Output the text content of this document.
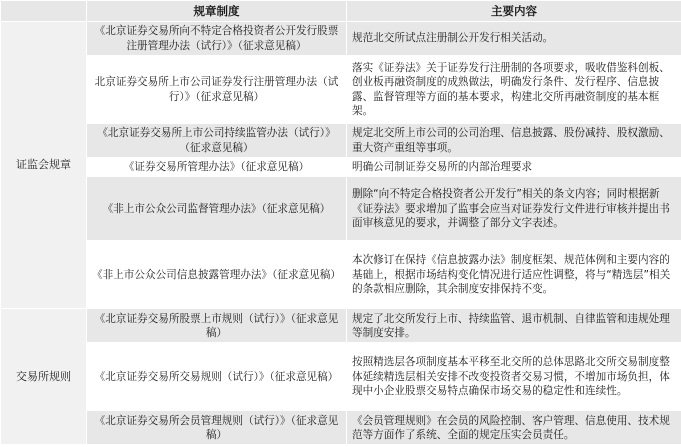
	规章制度	主要内容
证监会规章	《北京证券交易所向不特定合格投资者公开发行股票注册管理办法（试行）》（征求意见稿）	规范北交所试点注册制公开发行相关活动。
	北京证券交易所上市公司证券发行注册管理办法（试行）》（征求意见稿）	落实《证券法》关于证券发行注册制的各项要求，吸收借鉴科创板、创业板再融资制度的成熟做法，明确发行条件、发行程序、信息披露、监督管理等方面的基本要求，构建北交所再融资制度的基本框架。
	《北京证券交易所上市公司持续监管办法（试行）》（征求意见稿）	规定北交所上市公司的公司治理、信息披露、股份减持、股权激励、重大资产重组等事项。
	《证券交易所管理办法》（征求意见稿）	明确公司制证券交易所的内部治理要求
	《非上市公众公司监督管理办法》（征求意见稿）	删除“向不特定合格投资者公开发行”相关的条文内容；同时根据新《证券法》要求增加了监事会应当对证券发行文件进行审核并提出书面审核意见的要求，并调整了部分文字表述。
	《非上市公众公司信息披露管理办法》（征求意见稿）	本次修订在保持《信息披露办法》制度框架、规范体例和主要内容的基础上，根据市场结构变化情况进行适应性调整，将与“精选层”相关的条款相应删除，其余制度安排保持不变。
交易所规则	《北京证券交易所股票上市规则（试行）》（征求意见稿）	规定了北交所发行上市、持续监管、退市机制、自律监管和违规处理等制度安排。
	《北京证券交易所交易规则（试行）》（征求意见稿）	按照精选层各项制度基本平移至北交所的总体思路北交所交易制度整体延续精选层相关安排不改变投资者交易习惯，不增加市场负担，体现中小企业股票交易特点确保市场交易的稳定性和连续性。
	《北京证券交易所会员管理规则（试行）》（征求意见稿）	《会员管理规则》在会员的风险控制、客户管理、信息使用、技术规范等方面作了系统、全面的规定压实会员责任。
